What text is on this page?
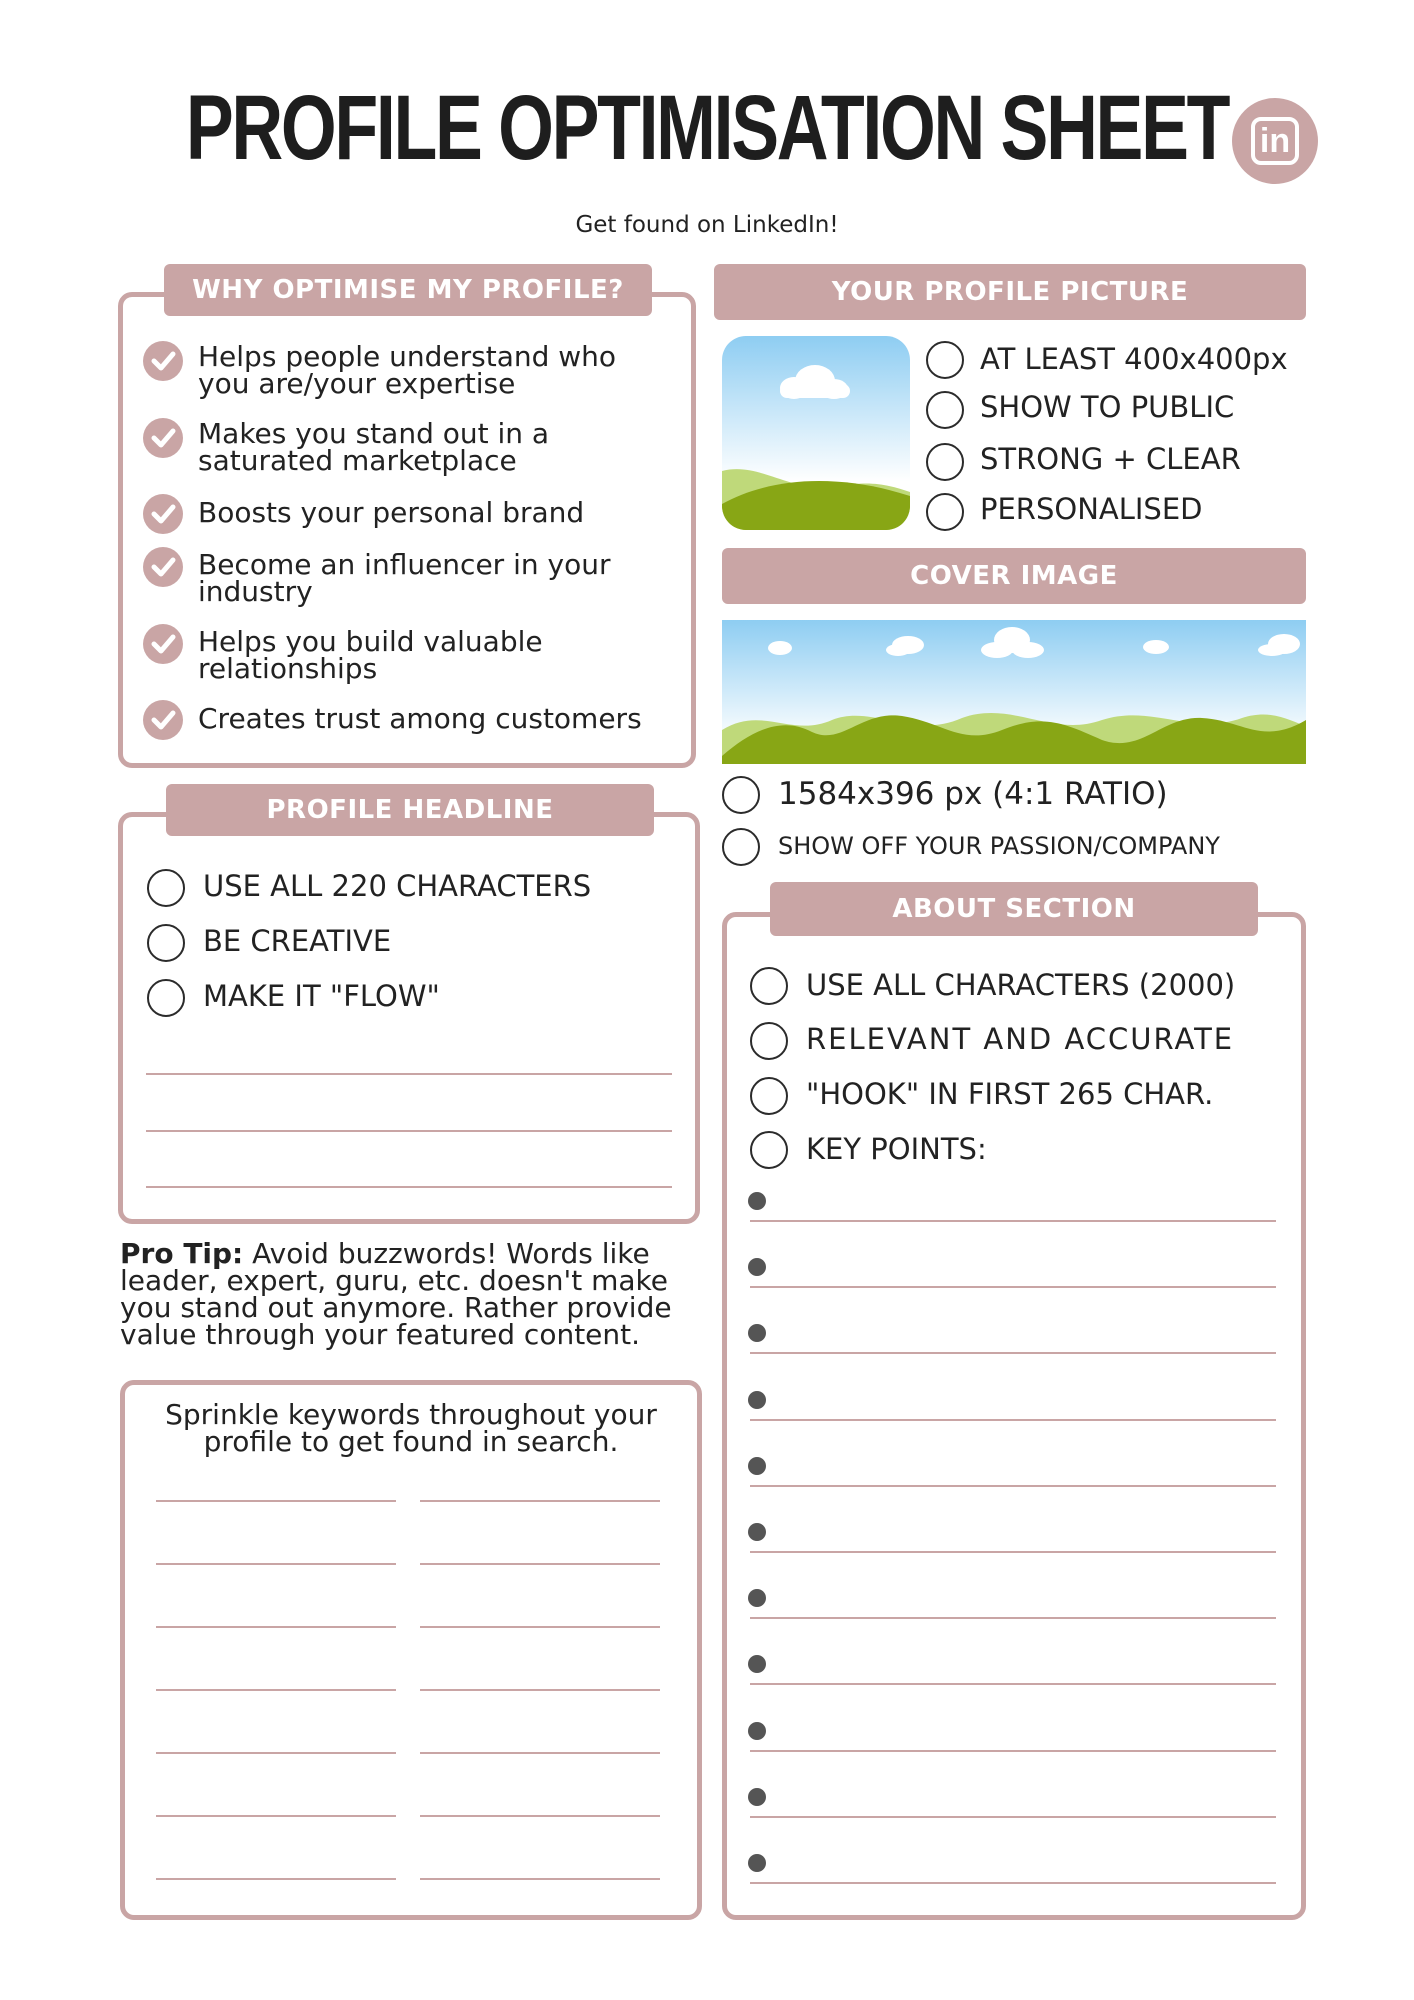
PROFILE OPTIMISATION SHEET in
Get found on LinkedIn!
WHY OPTIMISE MY PROFILE?
Helps people understand who
you are/your expertise
Makes you stand out in a
saturated marketplace
Boosts your personal brand
Become an influencer in your
industry
Helps you build valuable
relationships
Creates trust among customers
PROFILE HEADLINE
USE ALL 220 CHARACTERS
BE CREATIVE
MAKE IT "FLOW"
Pro Tip: Avoid buzzwords! Words like
leader, expert, guru, etc. doesn't make
you stand out anymore. Rather provide
value through your featured content.
Sprinkle keywords throughout your
profile to get found in search.
YOUR PROFILE PICTURE
AT LEAST 400x400px
SHOW TO PUBLIC
STRONG + CLEAR
PERSONALISED
COVER IMAGE
1584x396 px (4:1 RATIO)
SHOW OFF YOUR PASSION/COMPANY
ABOUT SECTION
USE ALL CHARACTERS (2000)
RELEVANT AND ACCURATE
"HOOK" IN FIRST 265 CHAR.
KEY POINTS:
